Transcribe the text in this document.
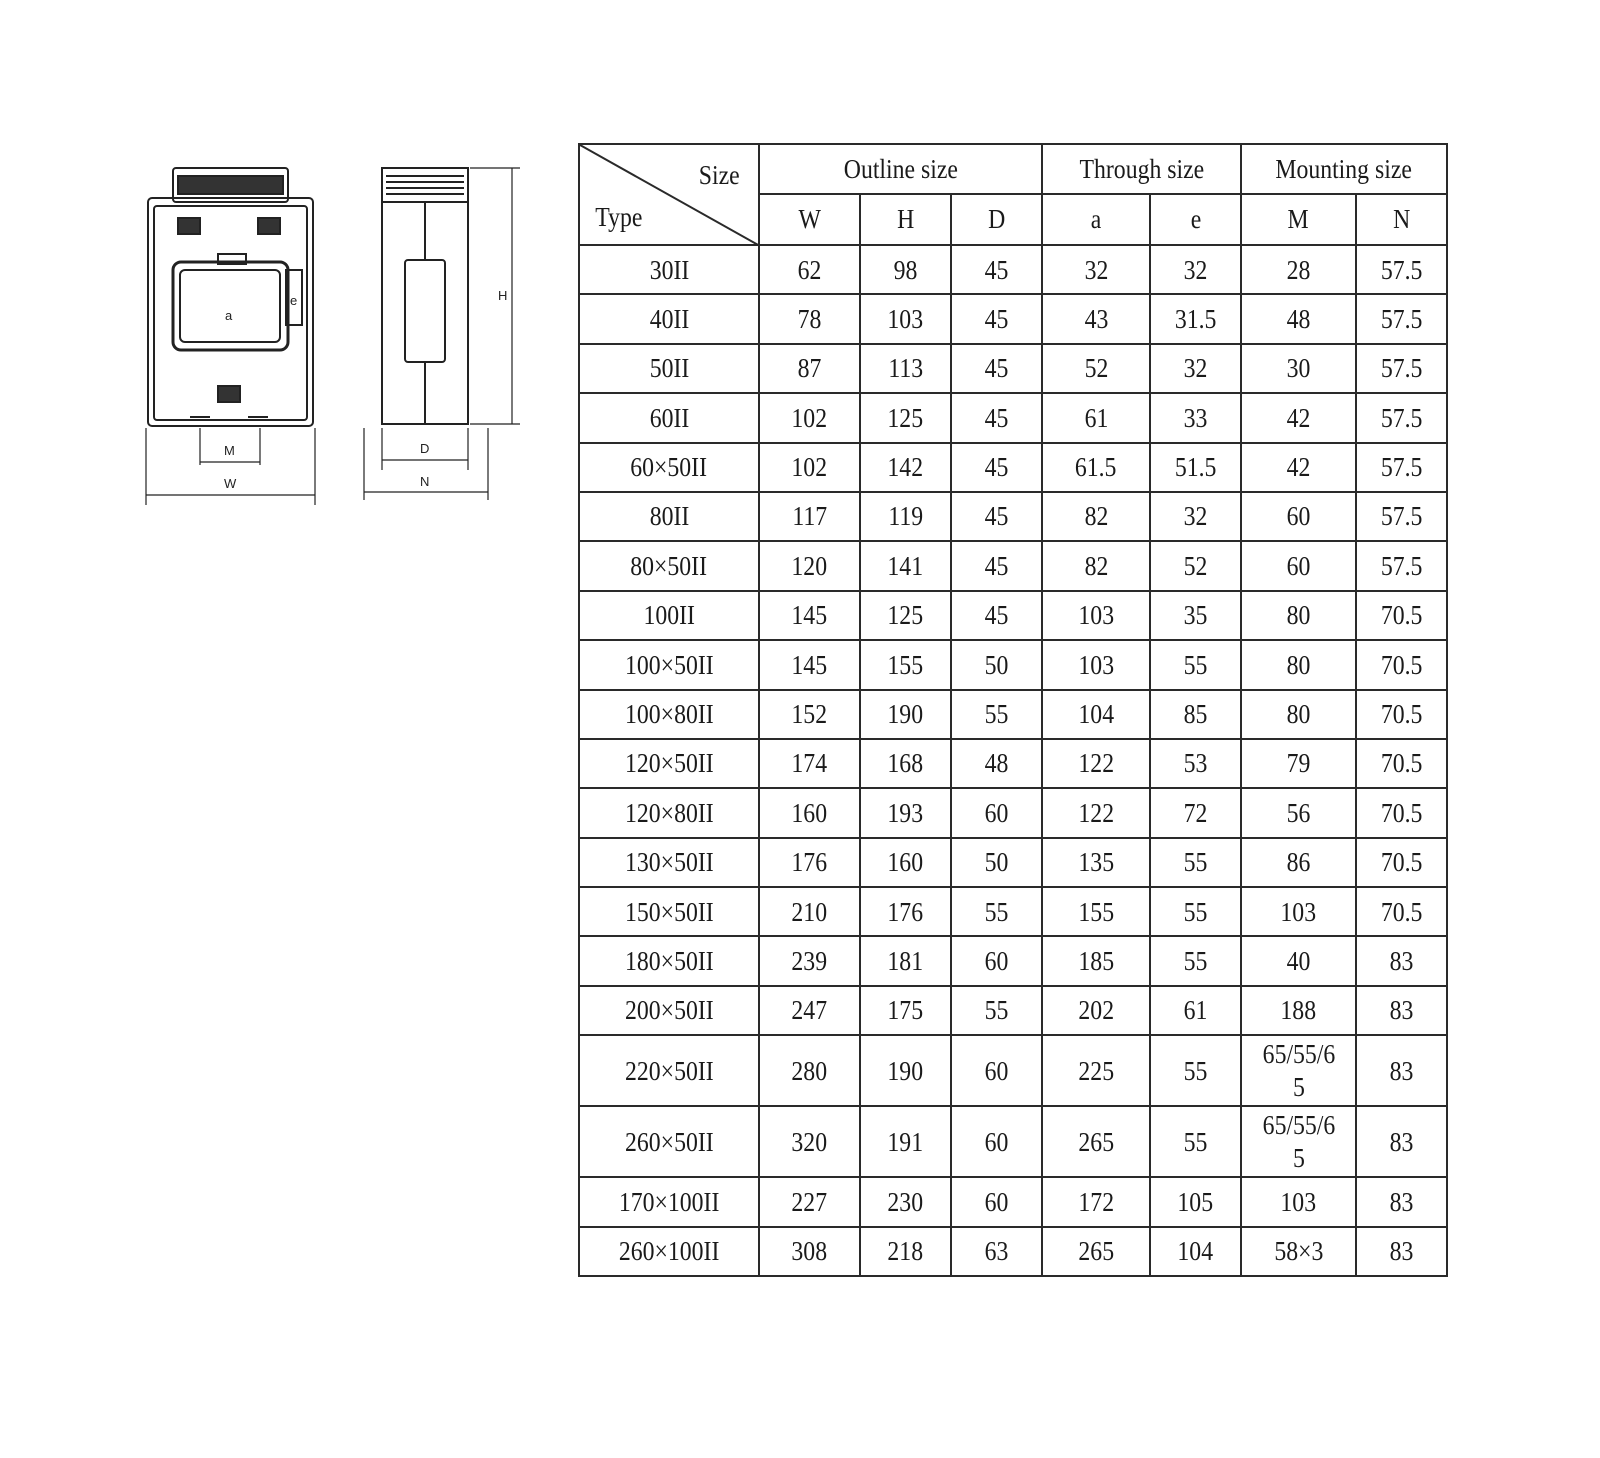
a
e
M
W
H
D
N
Size
Type	Outline size			Through size		Mounting size	
	W	H	D	a	e	M	N
30II	62	98	45	32	32	28	57.5
40II	78	103	45	43	31.5	48	57.5
50II	87	113	45	52	32	30	57.5
60II	102	125	45	61	33	42	57.5
60×50II	102	142	45	61.5	51.5	42	57.5
80II	117	119	45	82	32	60	57.5
80×50II	120	141	45	82	52	60	57.5
100II	145	125	45	103	35	80	70.5
100×50II	145	155	50	103	55	80	70.5
100×80II	152	190	55	104	85	80	70.5
120×50II	174	168	48	122	53	79	70.5
120×80II	160	193	60	122	72	56	70.5
130×50II	176	160	50	135	55	86	70.5
150×50II	210	176	55	155	55	103	70.5
180×50II	239	181	60	185	55	40	83
200×50II	247	175	55	202	61	188	83
220×50II	280	190	60	225	55	65/55/65	83
260×50II	320	191	60	265	55	65/55/65	83
170×100II	227	230	60	172	105	103	83
260×100II	308	218	63	265	104	58×3	83
